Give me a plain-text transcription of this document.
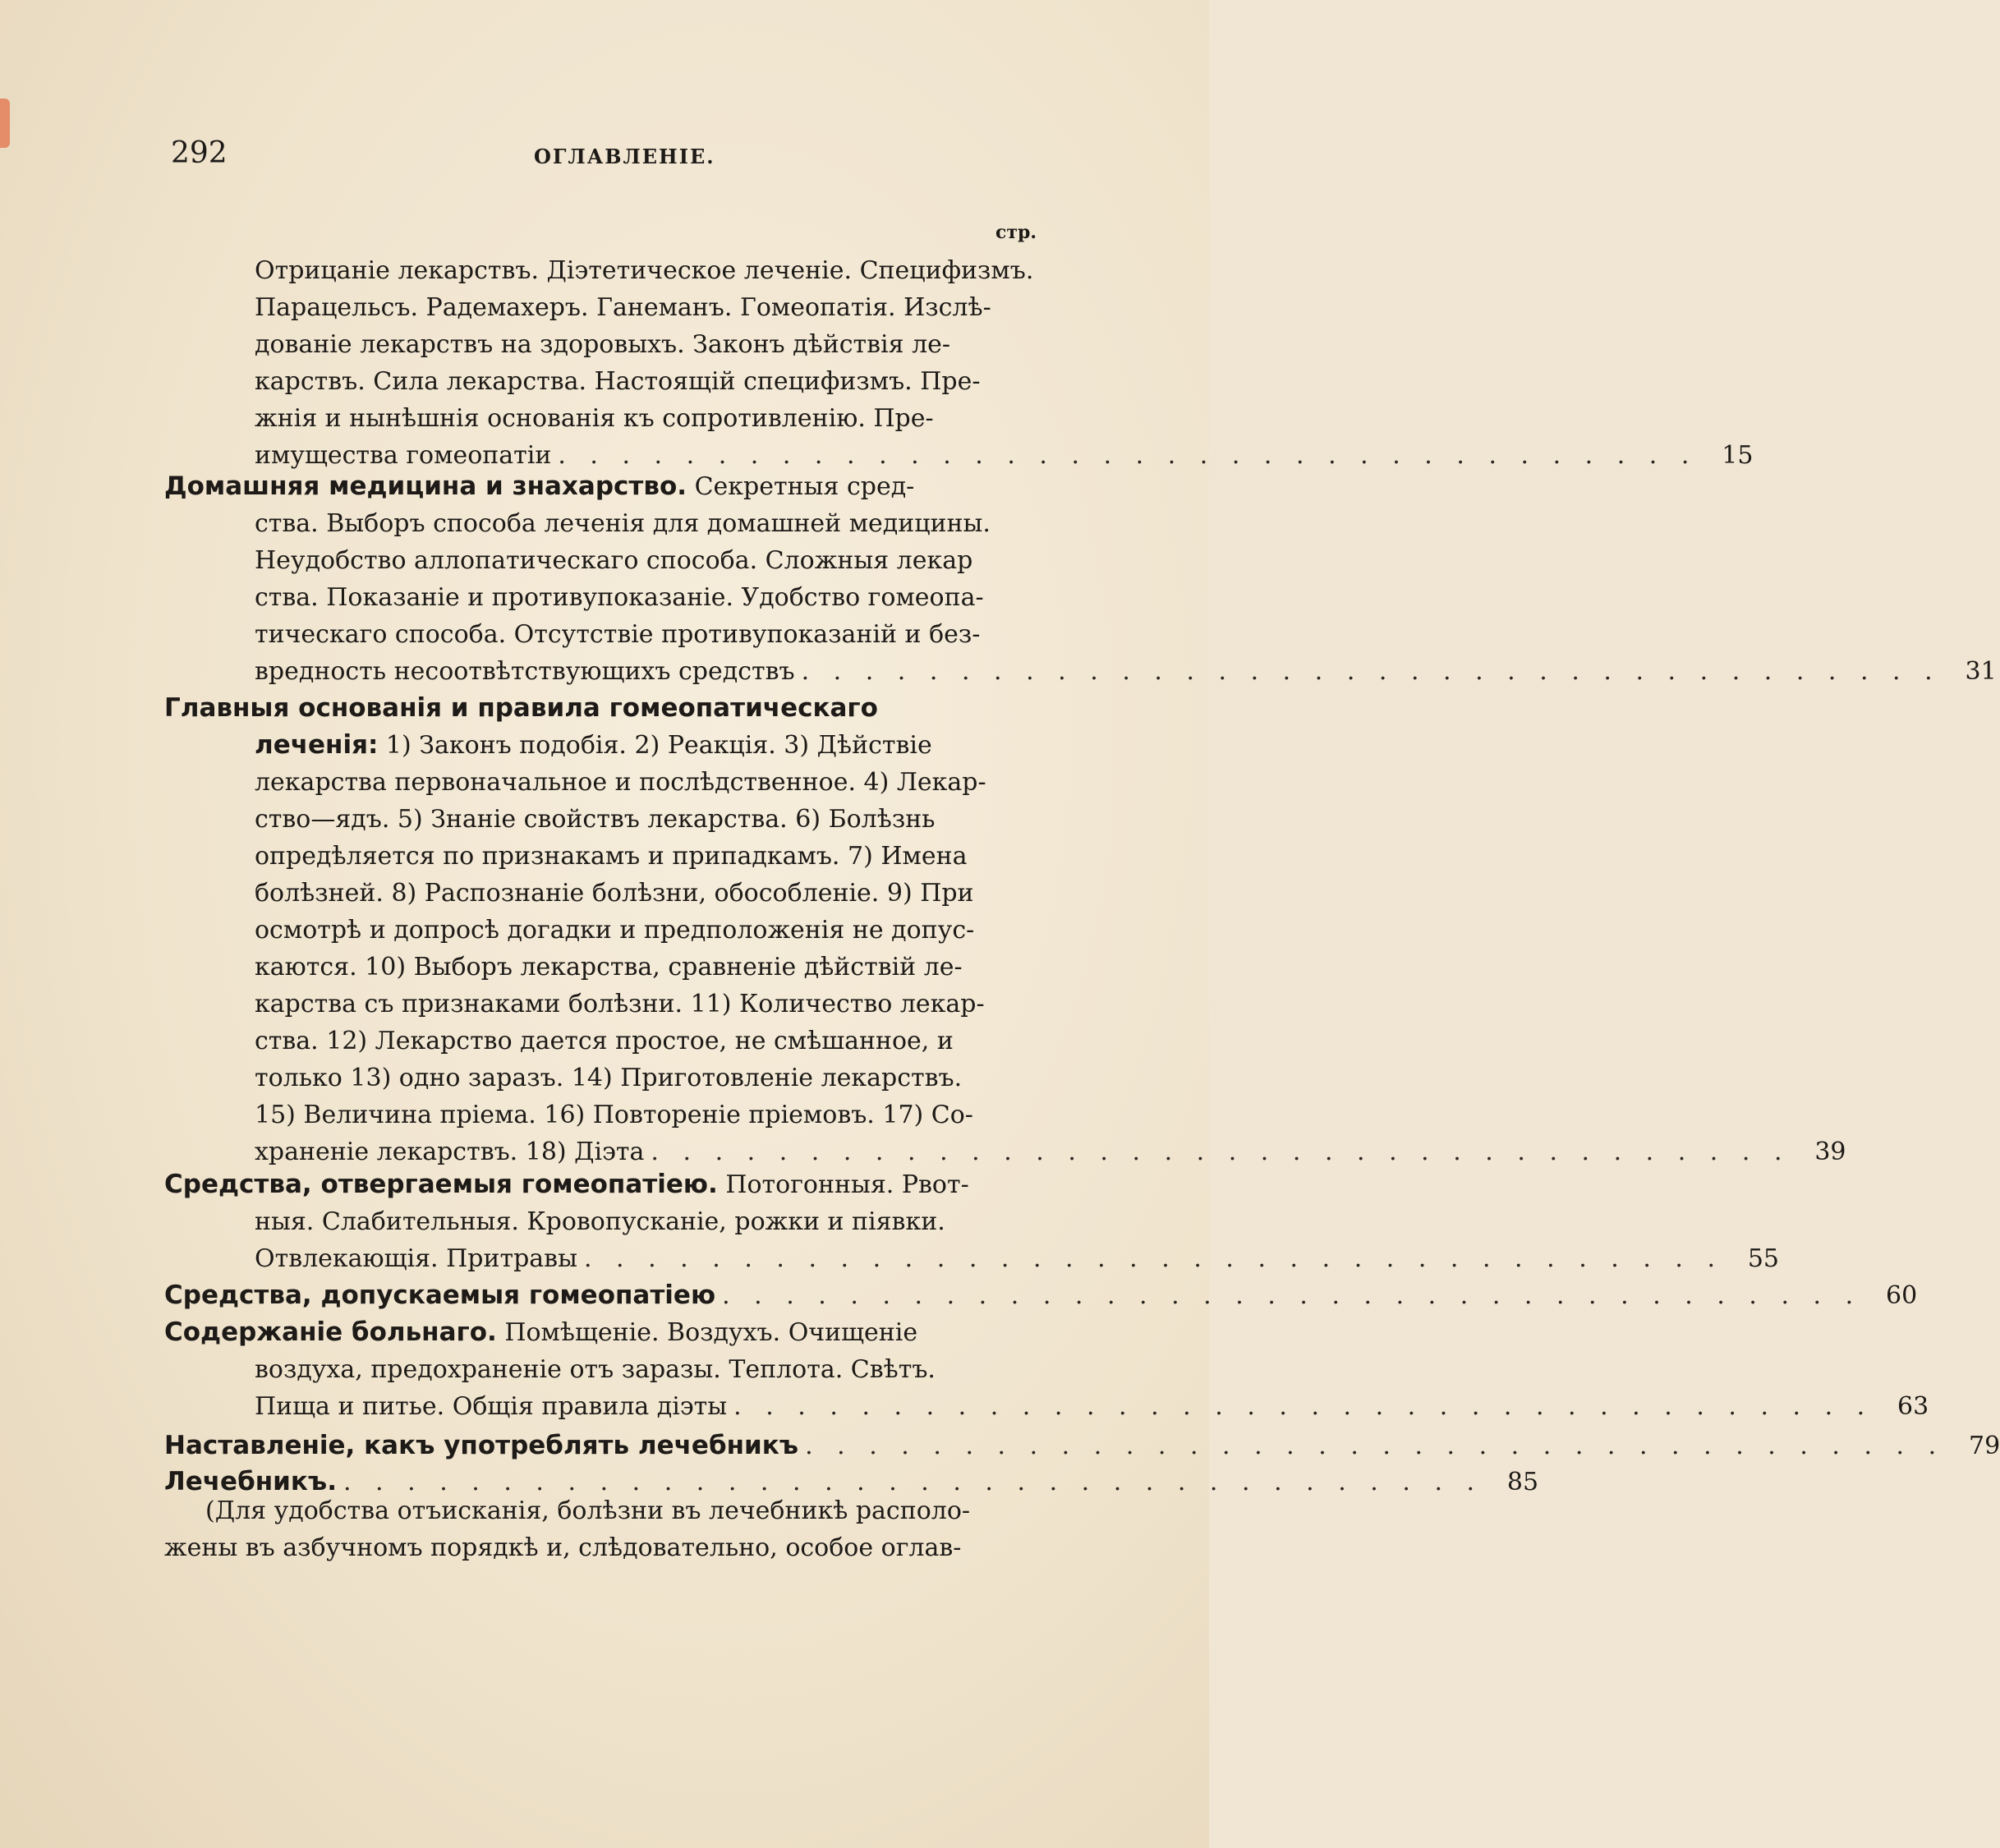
292	ОГЛАВЛЕНІЕ.
стр.
Отрицаніе лекарствъ. Діэтетическое леченіе. Специфизмъ.
Парацельсъ. Радемахеръ. Ганеманъ. Гомеопатія. Изслѣ-
дованіе лекарствъ на здоровыхъ. Законъ дѣйствія ле-
карствъ. Сила лекарства. Настоящій специфизмъ. Пре-
жнія и нынѣшнія основанія къ сопротивленію. Пре-
имущества гомеопатіи . . . . . . . . . . . . . . . . . . . . . . . . . . . . . . . . . . . . 15
Домашняя медицина и знахарство. Секретныя сред-
ства. Выборъ способа леченія для домашней медицины.
Неудобство аллопатическаго способа. Сложныя лекар
ства. Показаніе и противупоказаніе. Удобство гомеопа-
тическаго способа. Отсутствіе противупоказаній и без-
вредность несоотвѣтствующихъ средствъ . . . . . . . . . . . . . . . . . . . . . . . . . . . . . . . . . . . . 31
Главныя основанія и правила гомеопатическаго
леченія: 1) Законъ подобія. 2) Реакція. 3) Дѣйствіе
лекарства первоначальное и послѣдственное. 4) Лекар-
ство—ядъ. 5) Знаніе свойствъ лекарства. 6) Болѣзнь
опредѣляется по признакамъ и припадкамъ. 7) Имена
болѣзней. 8) Распознаніе болѣзни, обособленіе. 9) При
осмотрѣ и допросѣ догадки и предположенія не допус-
каются. 10) Выборъ лекарства, сравненіе дѣйствій ле-
карства съ признаками болѣзни. 11) Количество лекар-
ства. 12) Лекарство дается простое, не смѣшанное, и
только 13) одно заразъ. 14) Приготовленіе лекарствъ.
15) Величина пріема. 16) Повтореніе пріемовъ. 17) Со-
храненіе лекарствъ. 18) Діэта . . . . . . . . . . . . . . . . . . . . . . . . . . . . . . . . . . . . 39
Средства, отвергаемыя гомеопатіею. Потогонныя. Рвот-
ныя. Слабительныя. Кровопусканіе, рожки и піявки.
Отвлекающія. Притравы . . . . . . . . . . . . . . . . . . . . . . . . . . . . . . . . . . . . 55
Средства, допускаемыя гомеопатіею . . . . . . . . . . . . . . . . . . . . . . . . . . . . . . . . . . . . 60
Содержаніе больнаго. Помѣщеніе. Воздухъ. Очищеніе
воздуха, предохраненіе отъ заразы. Теплота. Свѣтъ.
Пища и питье. Общія правила діэты . . . . . . . . . . . . . . . . . . . . . . . . . . . . . . . . . . . . 63
Наставленіе, какъ употреблять лечебникъ . . . . . . . . . . . . . . . . . . . . . . . . . . . . . . . . . . . . 79
Лечебникъ. . . . . . . . . . . . . . . . . . . . . . . . . . . . . . . . . . . . . 85
(Для удобства отъисканія, болѣзни въ лечебникѣ располо-
жены въ азбучномъ порядкѣ и, слѣдовательно, особое оглав-
